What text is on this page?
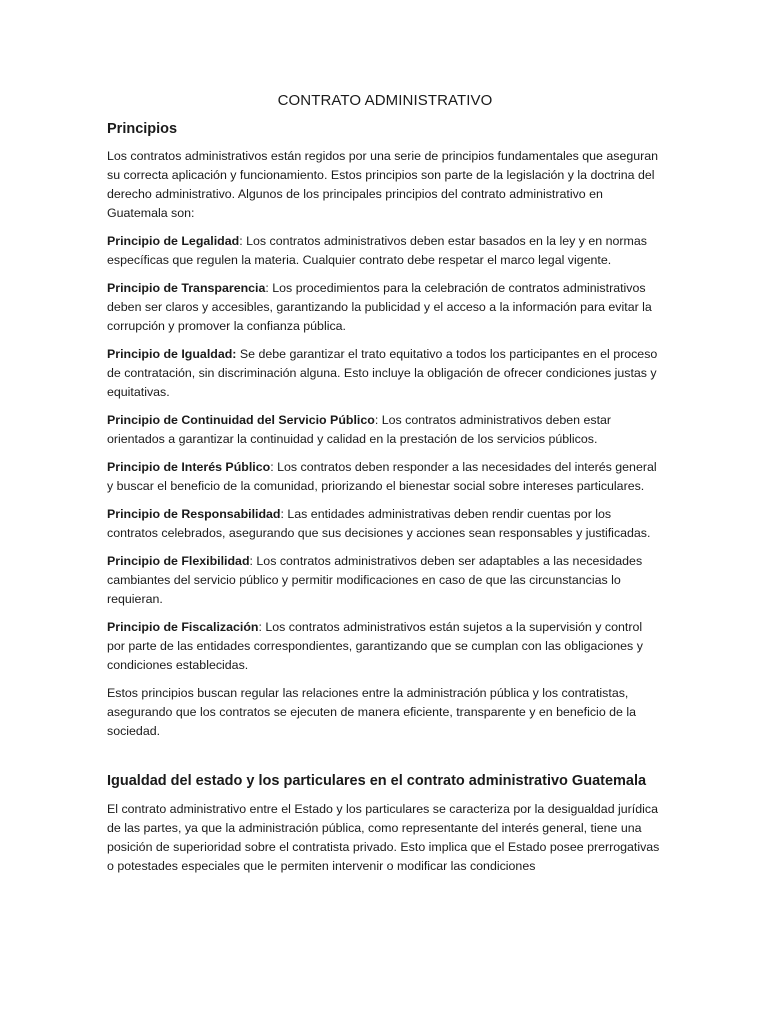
CONTRATO ADMINISTRATIVO
Principios

Los contratos administrativos están regidos por una serie de principios fundamentales que aseguran su correcta aplicación y funcionamiento. Estos principios son parte de la legislación y la doctrina del derecho administrativo. Algunos de los principales principios del contrato administrativo en Guatemala son:

Principio de Legalidad: Los contratos administrativos deben estar basados en la ley y en normas específicas que regulen la materia. Cualquier contrato debe respetar el marco legal vigente.

Principio de Transparencia: Los procedimientos para la celebración de contratos administrativos deben ser claros y accesibles, garantizando la publicidad y el acceso a la información para evitar la corrupción y promover la confianza pública.

Principio de Igualdad: Se debe garantizar el trato equitativo a todos los participantes en el proceso de contratación, sin discriminación alguna. Esto incluye la obligación de ofrecer condiciones justas y equitativas.

Principio de Continuidad del Servicio Público: Los contratos administrativos deben estar orientados a garantizar la continuidad y calidad en la prestación de los servicios públicos.

Principio de Interés Público: Los contratos deben responder a las necesidades del interés general y buscar el beneficio de la comunidad, priorizando el bienestar social sobre intereses particulares.

Principio de Responsabilidad: Las entidades administrativas deben rendir cuentas por los contratos celebrados, asegurando que sus decisiones y acciones sean responsables y justificadas.

Principio de Flexibilidad: Los contratos administrativos deben ser adaptables a las necesidades cambiantes del servicio público y permitir modificaciones en caso de que las circunstancias lo requieran.

Principio de Fiscalización: Los contratos administrativos están sujetos a la supervisión y control por parte de las entidades correspondientes, garantizando que se cumplan con las obligaciones y condiciones establecidas.

Estos principios buscan regular las relaciones entre la administración pública y los contratistas, asegurando que los contratos se ejecuten de manera eficiente, transparente y en beneficio de la sociedad.

Igualdad del estado y los particulares en el contrato administrativo Guatemala

El contrato administrativo entre el Estado y los particulares se caracteriza por la desigualdad jurídica de las partes, ya que la administración pública, como representante del interés general, tiene una posición de superioridad sobre el contratista privado. Esto implica que el Estado posee prerrogativas o potestades especiales que le permiten intervenir o modificar las condiciones
